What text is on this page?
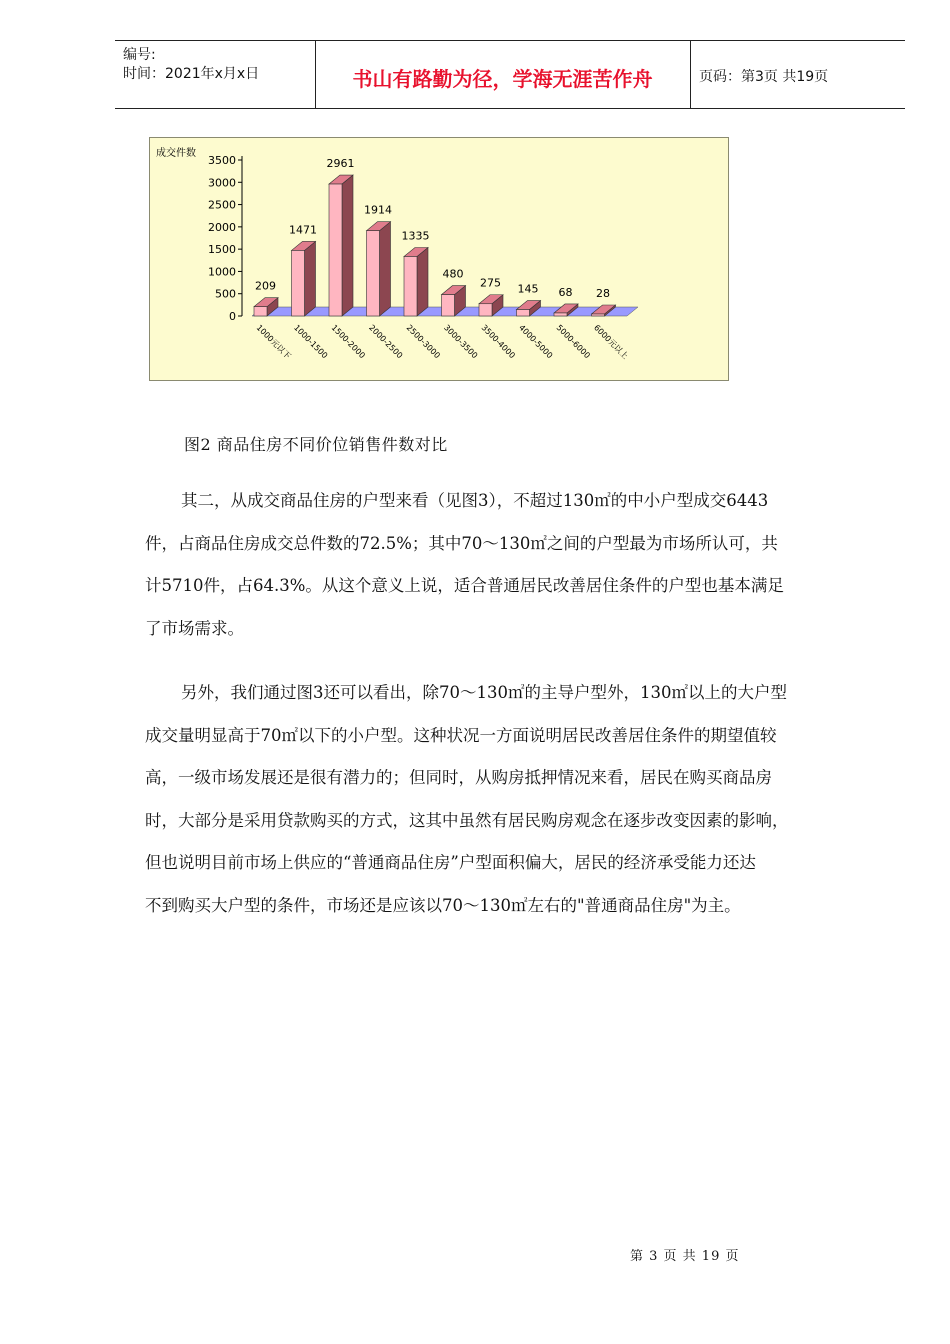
编号:
时间：2021年x月x日	书山有路勤为径，学海无涯苦作舟	页码：第3页 共19页
成交件数
0
500
1000
1500
2000
2500
3000
3500
209
1471
2961
1914
1335
480
275 145 68 28
1000元以下 1000-1500 1500-2000 2000-2500 2500-3000 3000-3500 3500-4000 4000-5000 5000-6000 6000元以上
图2 商品住房不同价位销售件数对比
其二，从成交商品住房的户型来看（见图3），不超过130㎡的中小户型成交6443
件，占商品住房成交总件数的72.5%；其中70～130㎡之间的户型最为市场所认可，共
计5710件，占64.3%。从这个意义上说，适合普通居民改善居住条件的户型也基本满足
了市场需求。
另外，我们通过图3还可以看出，除70～130㎡的主导户型外，130㎡以上的大户型
成交量明显高于70㎡以下的小户型。这种状况一方面说明居民改善居住条件的期望值较
高，一级市场发展还是很有潜力的；但同时，从购房抵押情况来看，居民在购买商品房
时，大部分是采用贷款购买的方式，这其中虽然有居民购房观念在逐步改变因素的影响，
但也说明目前市场上供应的“普通商品住房”户型面积偏大，居民的经济承受能力还达
不到购买大户型的条件，市场还是应该以70～130㎡左右的"普通商品住房"为主。
第 3 页 共 19 页
